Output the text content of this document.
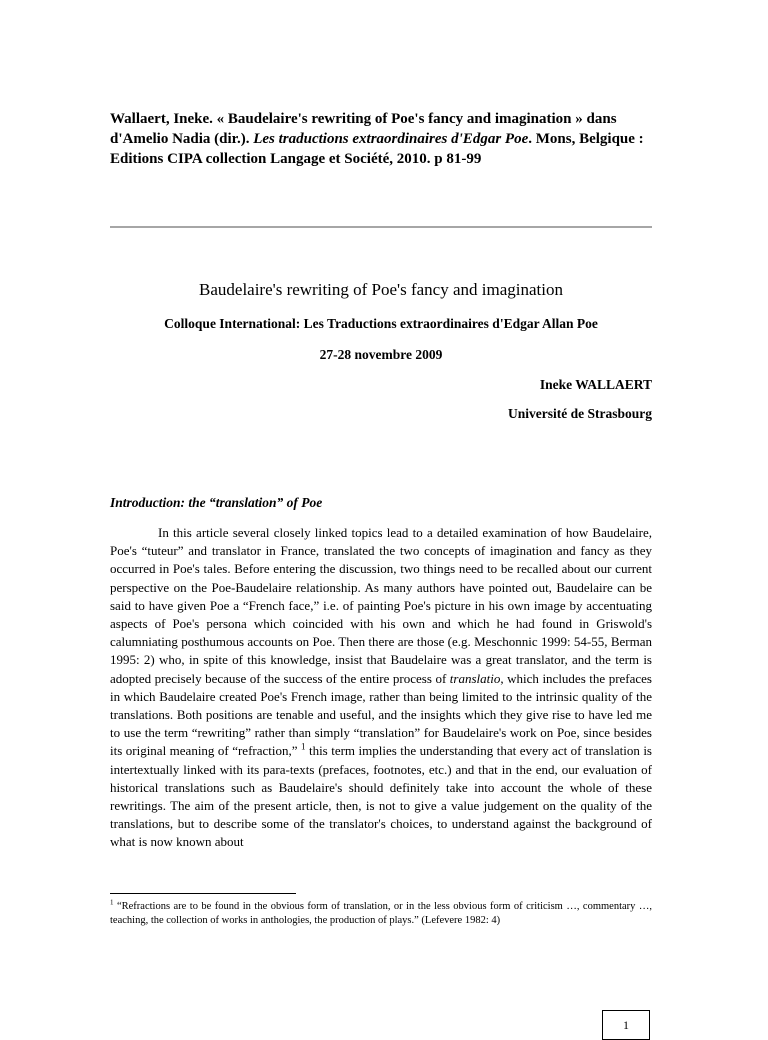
Wallaert, Ineke. « Baudelaire's rewriting of Poe's fancy and imagination » dans d'Amelio Nadia (dir.). Les traductions extraordinaires d'Edgar Poe. Mons, Belgique : Editions CIPA collection Langage et Société, 2010. p 81-99
Baudelaire's rewriting of Poe's fancy and imagination
Colloque International: Les Traductions extraordinaires d'Edgar Allan Poe
27-28 novembre 2009
Ineke WALLAERT
Université de Strasbourg
Introduction: the “translation” of Poe
In this article several closely linked topics lead to a detailed examination of how Baudelaire, Poe's “tuteur” and translator in France, translated the two concepts of imagination and fancy as they occurred in Poe's tales. Before entering the discussion, two things need to be recalled about our current perspective on the Poe-Baudelaire relationship. As many authors have pointed out, Baudelaire can be said to have given Poe a “French face,” i.e. of painting Poe's picture in his own image by accentuating aspects of Poe's persona which coincided with his own and which he had found in Griswold's calumniating posthumous accounts on Poe. Then there are those (e.g. Meschonnic 1999: 54-55, Berman 1995: 2) who, in spite of this knowledge, insist that Baudelaire was a great translator, and the term is adopted precisely because of the success of the entire process of translatio, which includes the prefaces in which Baudelaire created Poe's French image, rather than being limited to the intrinsic quality of the translations. Both positions are tenable and useful, and the insights which they give rise to have led me to use the term “rewriting” rather than simply “translation” for Baudelaire's work on Poe, since besides its original meaning of “refraction,” $^1$ this term implies the understanding that every act of translation is intertextually linked with its para-texts (prefaces, footnotes, etc.) and that in the end, our evaluation of historical translations such as Baudelaire's should definitely take into account the whole of these rewritings. The aim of the present article, then, is not to give a value judgement on the quality of the translations, but to describe some of the translator's choices, to understand against the background of what is now known about
$^1$ “Refractions are to be found in the obvious form of translation, or in the less obvious form of criticism …, commentary …, teaching, the collection of works in anthologies, the production of plays.” (Lefevere 1982: 4)
1
